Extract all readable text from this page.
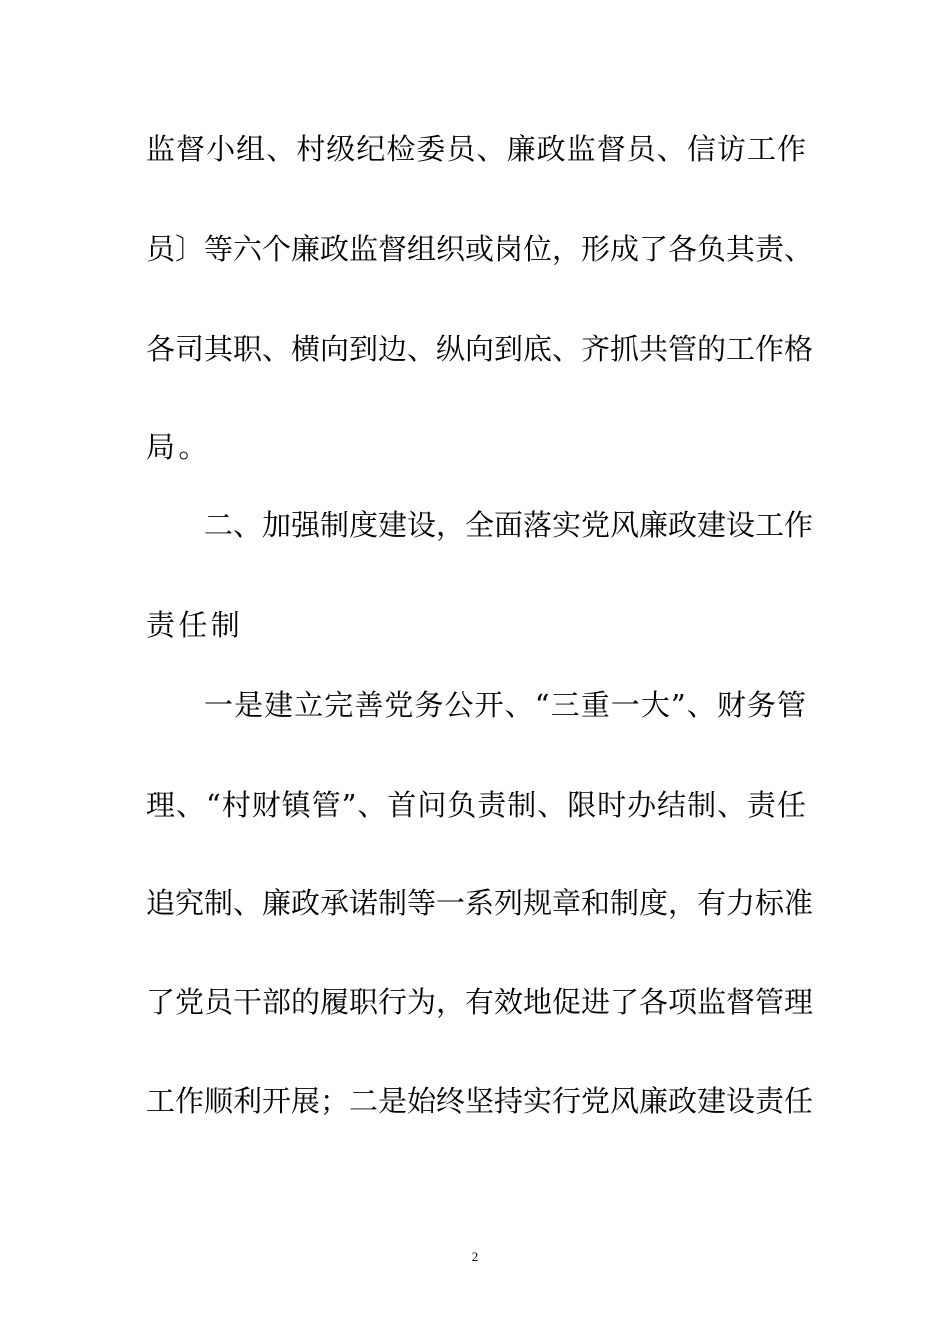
监督小组、村级纪检委员、廉政监督员、信访工作
员〕等六个廉政监督组织或岗位，形成了各负其责、
各司其职、横向到边、纵向到底、齐抓共管的工作格
局。
二、加强制度建设，全面落实党风廉政建设工作
责任制
一是建立完善党务公开、“三重一大”、财务管
理、“村财镇管”、首问负责制、限时办结制、责任
追究制、廉政承诺制等一系列规章和制度，有力标准
了党员干部的履职行为，有效地促进了各项监督管理
工作顺利开展；二是始终坚持实行党风廉政建设责任
2
